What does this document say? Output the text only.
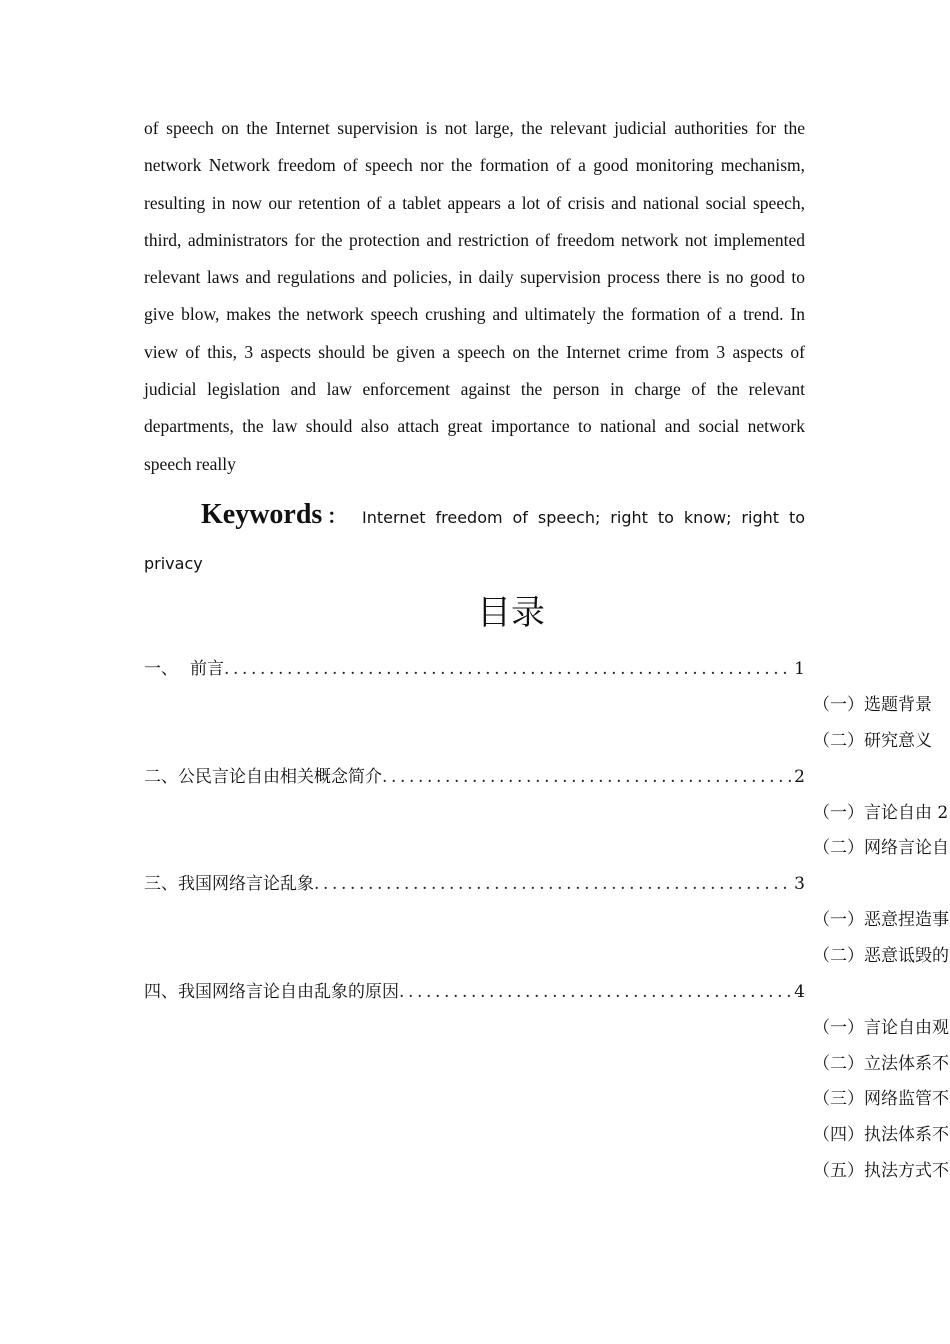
of speech on the Internet supervision is not large, the relevant judicial authorities for the network Network freedom of speech nor the formation of a good monitoring mechanism, resulting in now our retention of a tablet appears a lot of crisis and national social speech, third, administrators for the protection and restriction of freedom network not implemented relevant laws and regulations and policies, in daily supervision process there is no good to give blow, makes the network speech crushing and ultimately the formation of a trend. In view of this, 3 aspects should be given a speech on the Internet crime from 3 aspects of judicial legislation and law enforcement against the person in charge of the relevant departments, the law should also attach great importance to national and social network speech really

Keywords： Internet freedom of speech; right to know; right to privacy

目录
一、 前言 .....	1
（一）选题背景
（二）研究意义
二、公民言论自由相关概念简介 .....	2
（一）言论自由 2
（二）网络言论自
三、我国网络言论乱象 .....	3
（一）恶意捏造事
（二）恶意诋毁的
四、我国网络言论自由乱象的原因 .....	4
（一）言论自由观
（二）立法体系不
（三）网络监管不
（四）执法体系不
（五）执法方式不
